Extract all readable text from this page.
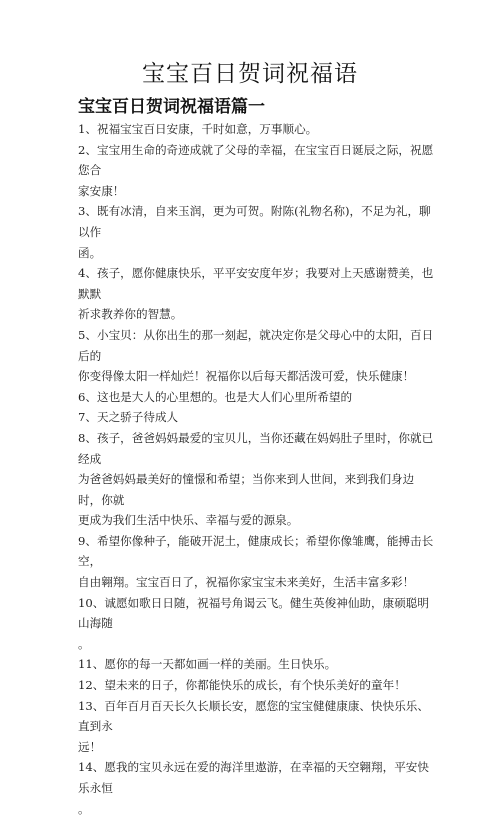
宝宝百日贺词祝福语
宝宝百日贺词祝福语篇一

1、祝福宝宝百日安康，千时如意，万事顺心。

2、宝宝用生命的奇迹成就了父母的幸福，在宝宝百日诞辰之际，祝愿您合
家安康！

3、既有冰清，自来玉润，更为可贺。附陈(礼物名称)，不足为礼，聊以作
函。

4、孩子，愿你健康快乐，平平安安度年岁；我要对上天感谢赞美，也默默
祈求教养你的智慧。

5、小宝贝：从你出生的那一刻起，就决定你是父母心中的太阳，百日后的
你变得像太阳一样灿烂！祝福你以后每天都活泼可爱，快乐健康！

6、这也是大人的心里想的。也是大人们心里所希望的

7、天之骄子待成人

8、孩子，爸爸妈妈最爱的宝贝儿，当你还藏在妈妈肚子里时，你就已经成
为爸爸妈妈最美好的憧憬和希望；当你来到人世间，来到我们身边时，你就
更成为我们生活中快乐、幸福与爱的源泉。

9、希望你像种子，能破开泥土，健康成长；希望你像雏鹰，能搏击长空，
自由翱翔。宝宝百日了，祝福你家宝宝未来美好，生活丰富多彩！

10、诚愿如歌日日随，祝福号角谒云飞。健生英俊神仙助，康硕聪明山海随
。

11、愿你的每一天都如画一样的美丽。生日快乐。

12、望未来的日子，你都能快乐的成长，有个快乐美好的童年！

13、百年百月百天长久长顺长安，愿您的宝宝健健康康、快快乐乐、直到永
远！

14、愿我的宝贝永远在爱的海洋里遨游，在幸福的天空翱翔，平安快乐永恒
。
